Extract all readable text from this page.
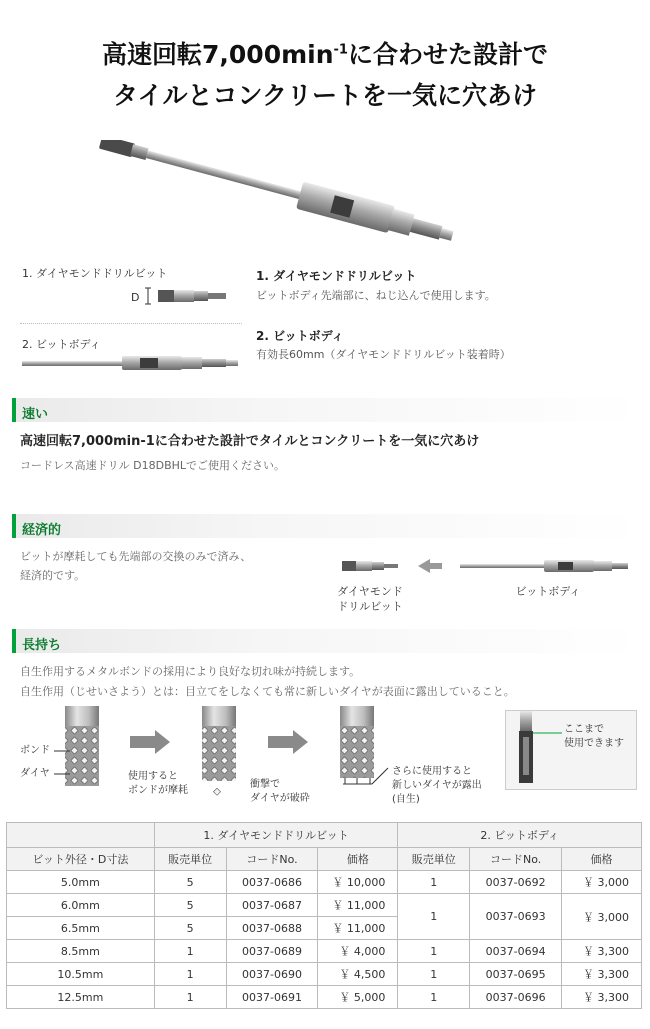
高速回転$7,000\min^{-1}$に合わせた設計で
タイルとコンクリートを一気に穴あけ
1. ダイヤモンドドリルビット
D
2. ビットボディ
1. ダイヤモンドドリルビット
ビットボディ先端部に、ねじ込んで使用します。
2. ビットボディ
有効長60mm（ダイヤモンドドリルビット装着時）
速い
高速回転7,000min-1に合わせた設計でタイルとコンクリートを一気に穴あけ
コードレス高速ドリル D18DBHLでご使用ください。
経済的
ビットが摩耗しても先端部の交換のみで済み、
経済的です。
ダイヤモンド
ドリルビット
ビットボディ
長持ち
自生作用するメタルボンドの採用により良好な切れ味が持続します。
自生作用（じせいさよう）とは：目立てをしなくても常に新しいダイヤが表面に露出していること。
ボンド
ダイヤ	使用すると
ボンドが摩耗
衝撃で
ダイヤが破砕
さらに使用すると
新しいダイヤが露出
(自生)
ここまで
使用できます
	1. ダイヤモンドドリルビット			2. ビットボディ		
ビット外径・D寸法	販売単位	コードNo.	価格	販売単位	コードNo.	価格
5.0mm	5	0037-0686	￥ 10,000	1	0037-0692	￥ 3,000
6.0mm	5	0037-0687	￥ 11,000	1	0037-0693	￥ 3,000
6.5mm	5	0037-0688	￥ 11,000			
8.5mm	1	0037-0689	￥ 4,000	1	0037-0694	￥ 3,300
10.5mm	1	0037-0690	￥ 4,500	1	0037-0695	￥ 3,300
12.5mm	1	0037-0691	￥ 5,000	1	0037-0696	￥ 3,300
